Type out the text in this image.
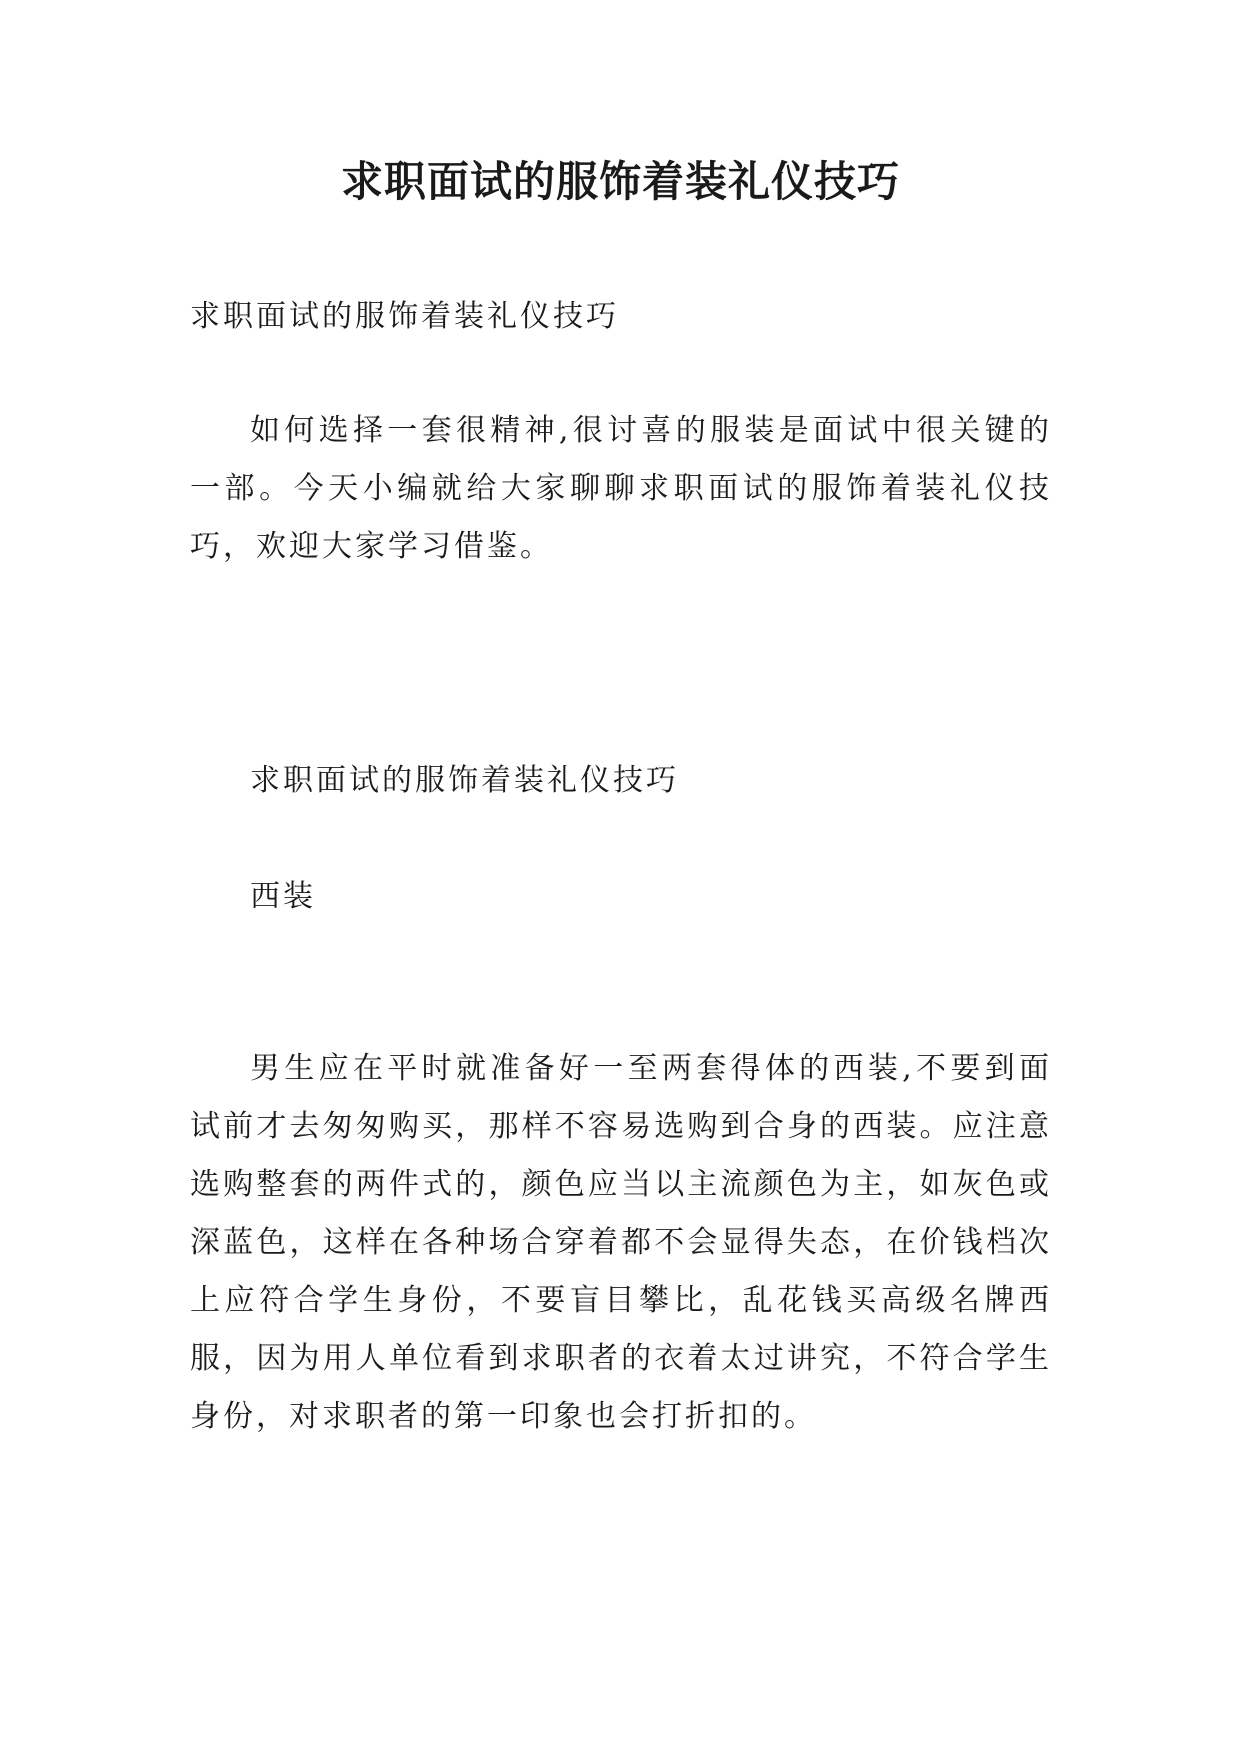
求职面试的服饰着装礼仪技巧

求职面试的服饰着装礼仪技巧

如何选择一套很精神,很讨喜的服装是面试中很关键的一部。今天小编就给大家聊聊求职面试的服饰着装礼仪技巧，欢迎大家学习借鉴。

求职面试的服饰着装礼仪技巧

西装

男生应在平时就准备好一至两套得体的西装,不要到面试前才去匆匆购买，那样不容易选购到合身的西装。应注意选购整套的两件式的，颜色应当以主流颜色为主，如灰色或深蓝色，这样在各种场合穿着都不会显得失态，在价钱档次上应符合学生身份，不要盲目攀比，乱花钱买高级名牌西服，因为用人单位看到求职者的衣着太过讲究，不符合学生身份，对求职者的第一印象也会打折扣的。
